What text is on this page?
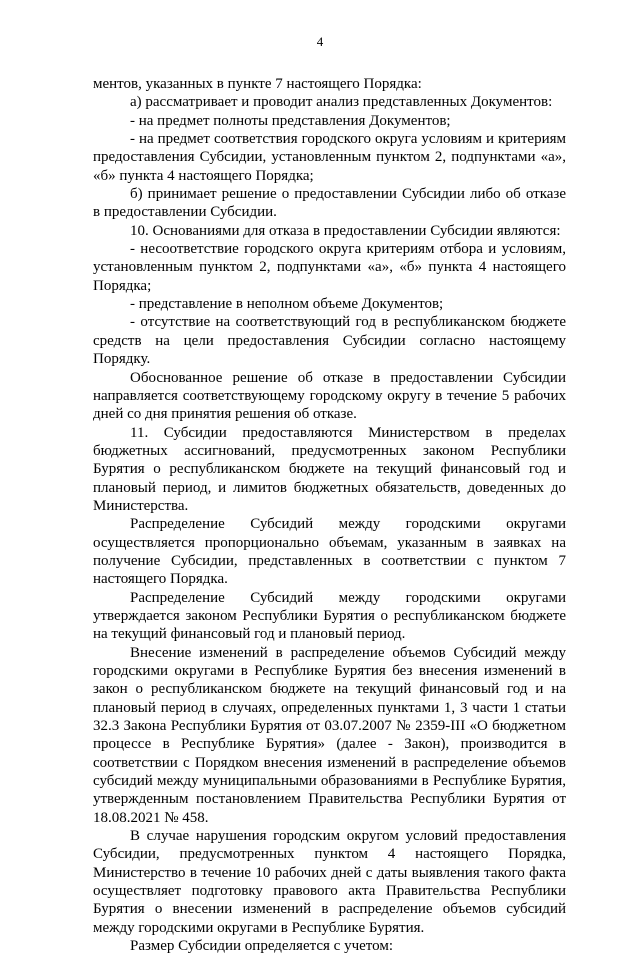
4

ментов, указанных в пункте 7 настоящего Порядка:

а) рассматривает и проводит анализ представленных Документов:

- на предмет полноты представления Документов;

- на предмет соответствия городского округа условиям и критериям предоставления Субсидии, установленным пунктом 2, подпунктами «а», «б» пункта 4 настоящего Порядка;

б) принимает решение о предоставлении Субсидии либо об отказе в предоставлении Субсидии.

10. Основаниями для отказа в предоставлении Субсидии являются:

- несоответствие городского округа критериям отбора и условиям, установленным пунктом 2, подпунктами «а», «б» пункта 4 настоящего Порядка;

- представление в неполном объеме Документов;

- отсутствие на соответствующий год в республиканском бюджете средств на цели предоставления Субсидии согласно настоящему Порядку.

Обоснованное решение об отказе в предоставлении Субсидии направляется соответствующему городскому округу в течение 5 рабочих дней со дня принятия решения об отказе.

11. Субсидии предоставляются Министерством в пределах бюджетных ассигнований, предусмотренных законом Республики Бурятия о республиканском бюджете на текущий финансовый год и плановый период, и лимитов бюджетных обязательств, доведенных до Министерства.

Распределение Субсидий между городскими округами осуществляется пропорционально объемам, указанным в заявках на получение Субсидии, представленных в соответствии с пунктом 7 настоящего Порядка.

Распределение Субсидий между городскими округами утверждается законом Республики Бурятия о республиканском бюджете на текущий финансовый год и плановый период.

Внесение изменений в распределение объемов Субсидий между городскими округами в Республике Бурятия без внесения изменений в закон о республиканском бюджете на текущий финансовый год и на плановый период в случаях, определенных пунктами 1, 3 части 1 статьи 32.3 Закона Республики Бурятия от 03.07.2007 № 2359-III «О бюджетном процессе в Республике Бурятия» (далее - Закон), производится в соответствии с Порядком внесения изменений в распределение объемов субсидий между муниципальными образованиями в Республике Бурятия, утвержденным постановлением Правительства Республики Бурятия от 18.08.2021 № 458.

В случае нарушения городским округом условий предоставления Субсидии, предусмотренных пунктом 4 настоящего Порядка, Министерство в течение 10 рабочих дней с даты выявления такого факта осуществляет подготовку правового акта Правительства Республики Бурятия о внесении изменений в распределение объемов субсидий между городскими округами в Республике Бурятия.

Размер Субсидии определяется с учетом:
